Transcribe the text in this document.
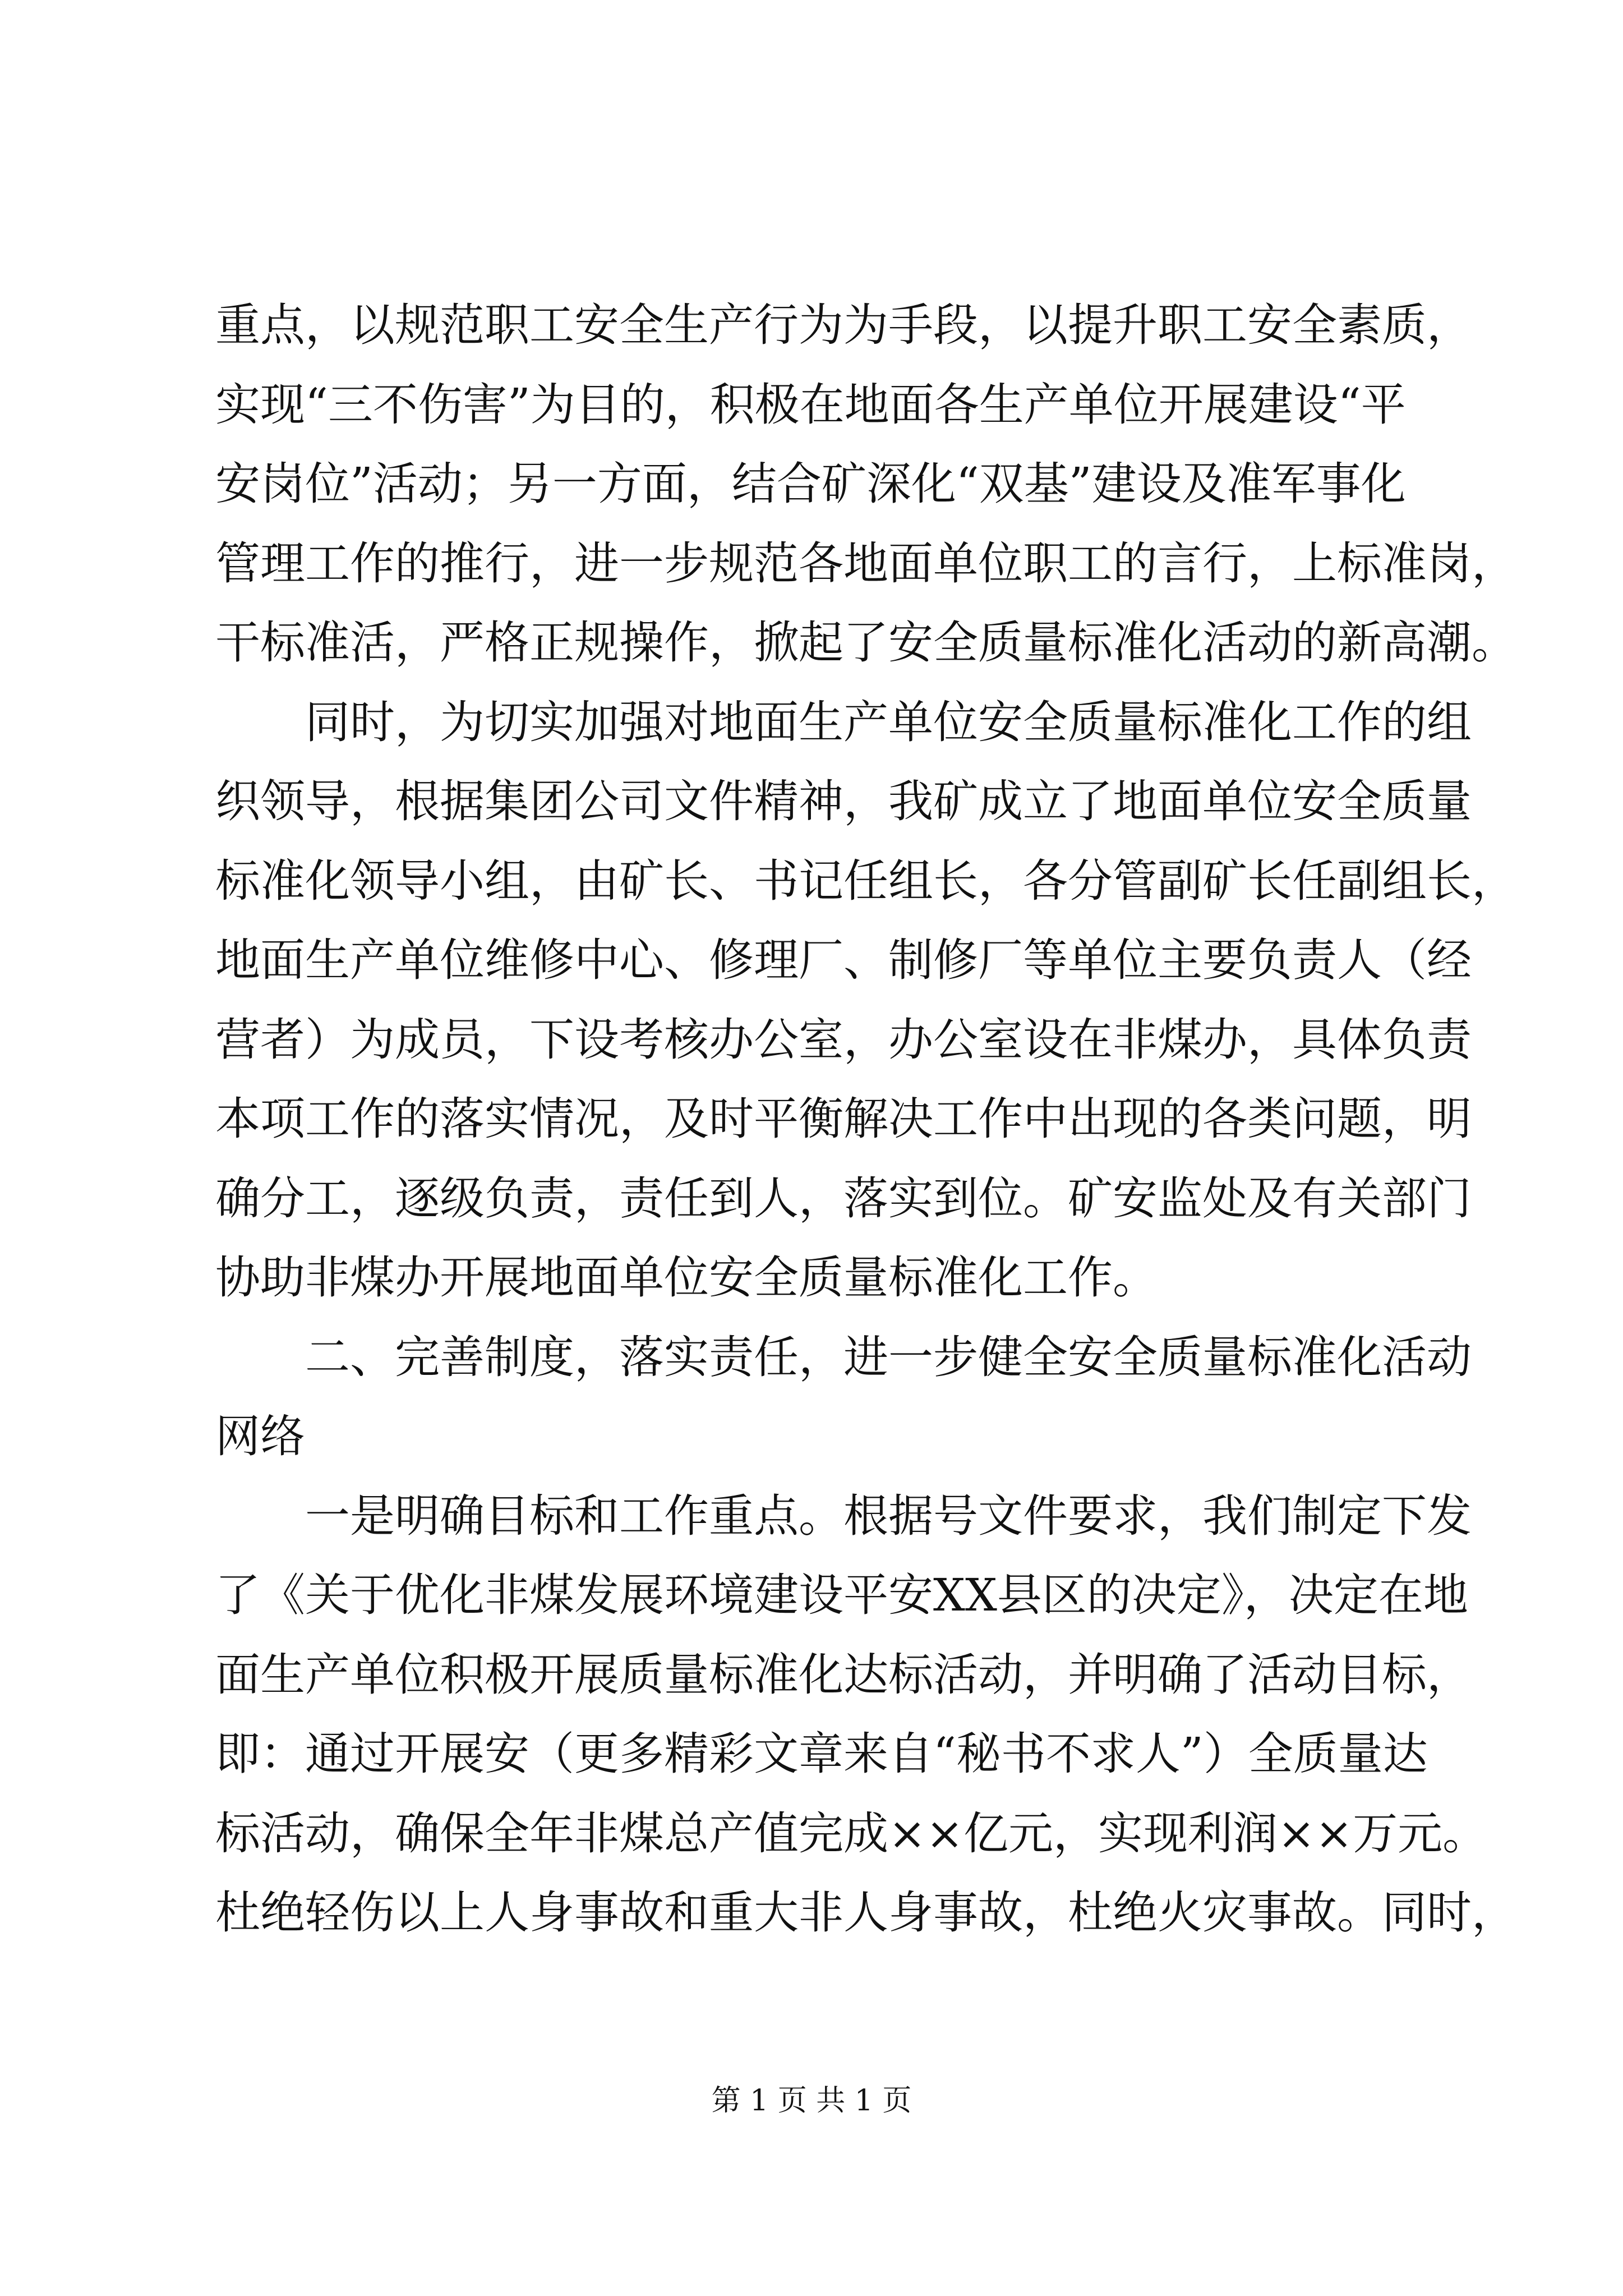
重点，以规范职工安全生产行为为手段，以提升职工安全素质，
实现“三不伤害”为目的，积极在地面各生产单位开展建设“平
安岗位”活动；另一方面，结合矿深化“双基”建设及准军事化
管理工作的推行，进一步规范各地面单位职工的言行，上标准岗，
干标准活，严格正规操作，掀起了安全质量标准化活动的新高潮。
　　同时，为切实加强对地面生产单位安全质量标准化工作的组
织领导，根据集团公司文件精神，我矿成立了地面单位安全质量
标准化领导小组，由矿长、书记任组长，各分管副矿长任副组长，
地面生产单位维修中心、修理厂、制修厂等单位主要负责人（经
营者）为成员，下设考核办公室，办公室设在非煤办，具体负责
本项工作的落实情况，及时平衡解决工作中出现的各类问题，明
确分工，逐级负责，责任到人，落实到位。矿安监处及有关部门
协助非煤办开展地面单位安全质量标准化工作。
　　二、完善制度，落实责任，进一步健全安全质量标准化活动
网络
　　一是明确目标和工作重点。根据号文件要求，我们制定下发
了《关于优化非煤发展环境建设平安XX县区的决定》，决定在地
面生产单位积极开展质量标准化达标活动，并明确了活动目标，
即：通过开展安（更多精彩文章来自“秘书不求人”）全质量达
标活动，确保全年非煤总产值完成××亿元，实现利润××万元。
杜绝轻伤以上人身事故和重大非人身事故，杜绝火灾事故。同时，
第 1 页 共 1 页
